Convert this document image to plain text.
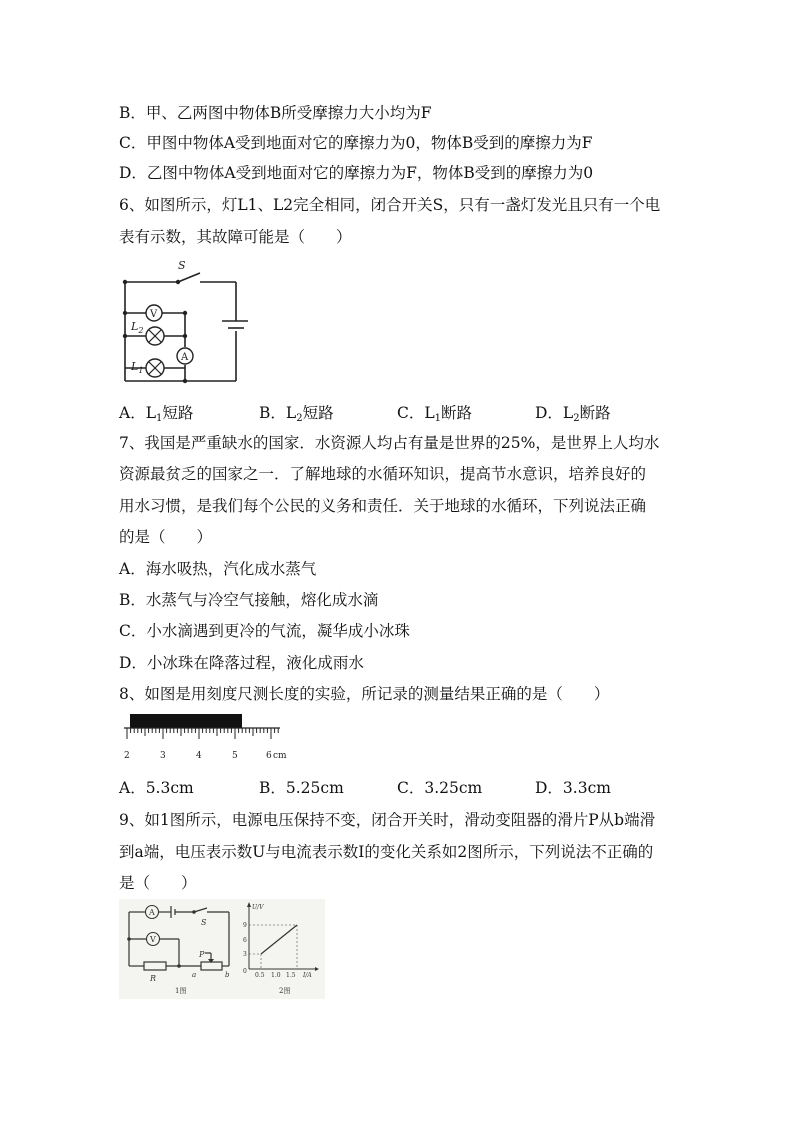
B．甲、乙两图中物体B所受摩擦力大小均为F
C．甲图中物体A受到地面对它的摩擦力为0，物体B受到的摩擦力为F
D．乙图中物体A受到地面对它的摩擦力为F，物体B受到的摩擦力为0
6、如图所示，灯L1、L2完全相同，闭合开关S，只有一盏灯发光且只有一个电
表有示数，其故障可能是（　　）
S
V
$L_2$
A
$L_1$
A．$L_1$短路	B．$L_2$短路	C．$L_1$断路	D．$L_2$断路
7、我国是严重缺水的国家．水资源人均占有量是世界的25%，是世界上人均水
资源最贫乏的国家之一．了解地球的水循环知识，提高节水意识，培养良好的
用水习惯，是我们每个公民的义务和责任．关于地球的水循环，下列说法正确
的是（　　）
A．海水吸热，汽化成水蒸气
B．水蒸气与冷空气接触，熔化成水滴
C．小水滴遇到更冷的气流，凝华成小冰珠
D．小冰珠在降落过程，液化成雨水
8、如图是用刻度尺测长度的实验，所记录的测量结果正确的是（　　）
2	3	4	5	6 cm
A．5.3cm	B．5.25cm	C．3.25cm	D．3.3cm
9、如1图所示，电源电压保持不变，闭合开关时，滑动变阻器的滑片P从b端滑
到a端，电压表示数U与电流表示数I的变化关系如2图所示，下列说法不正确的
是（　　）
A
V
S
R
P
a	b
1图
U/V
9
6
3
0
0.5 1.0 1.5 I/A
2图
